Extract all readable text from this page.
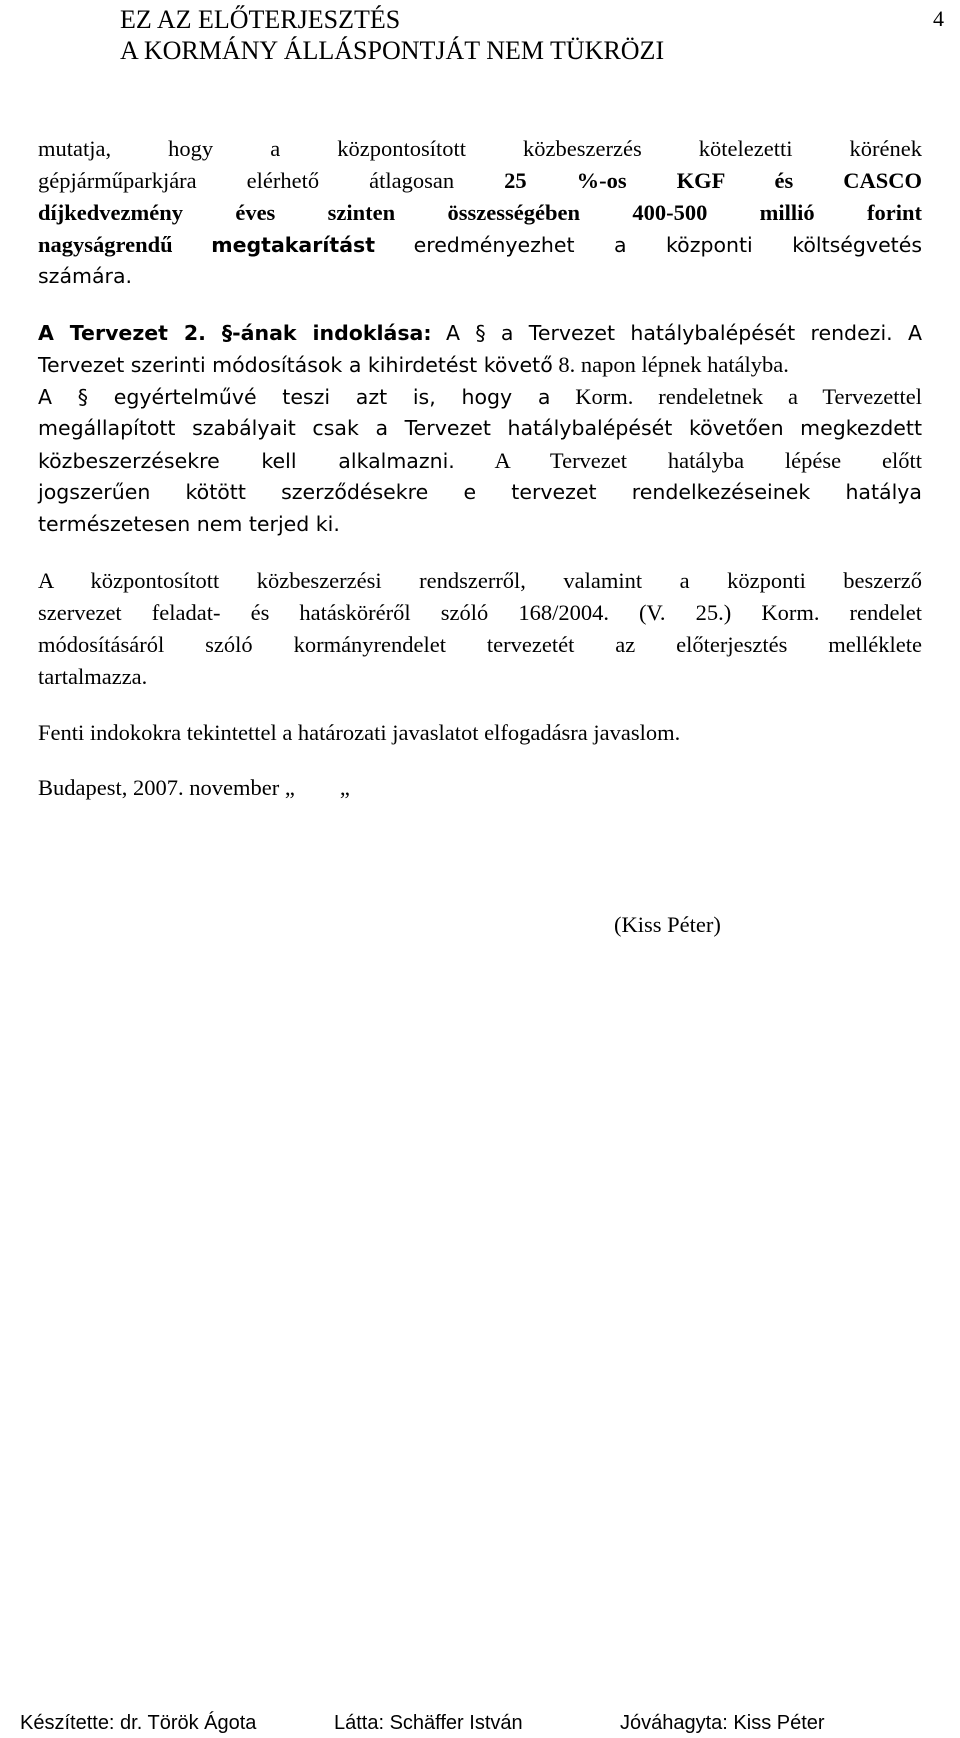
EZ AZ ELŐTERJESZTÉS
A KORMÁNY ÁLLÁSPONTJÁT NEM TÜKRÖZI
4
mutatja, hogy a központosított közbeszerzés kötelezetti körének
gépjárműparkjára elérhető átlagosan 25 %-os KGF és CASCO
díjkedvezmény éves szinten összességében 400-500 millió forint
nagyságrendű megtakarítást eredményezhet a központi költségvetés
számára.
A Tervezet 2. §-ának indoklása: A § a Tervezet hatálybalépését rendezi. A
Tervezet szerinti módosítások a kihirdetést követő 8. napon lépnek hatályba.
A § egyértelművé teszi azt is, hogy a Korm. rendeletnek a Tervezettel
megállapított szabályait csak a Tervezet hatálybalépését követően megkezdett
közbeszerzésekre kell alkalmazni. A Tervezet hatályba lépése előtt
jogszerűen kötött szerződésekre e tervezet rendelkezéseinek hatálya
természetesen nem terjed ki.
A központosított közbeszerzési rendszerről, valamint a központi beszerző
szervezet feladat- és hatásköréről szóló 168/2004. (V. 25.) Korm. rendelet
módosításáról szóló kormányrendelet tervezetét az előterjesztés melléklete
tartalmazza.
Fenti indokokra tekintettel a határozati javaslatot elfogadásra javaslom.
Budapest, 2007. november „        „
(Kiss Péter)
Készítette: dr. Török Ágota	Látta: Schäffer István	Jóváhagyta: Kiss Péter
